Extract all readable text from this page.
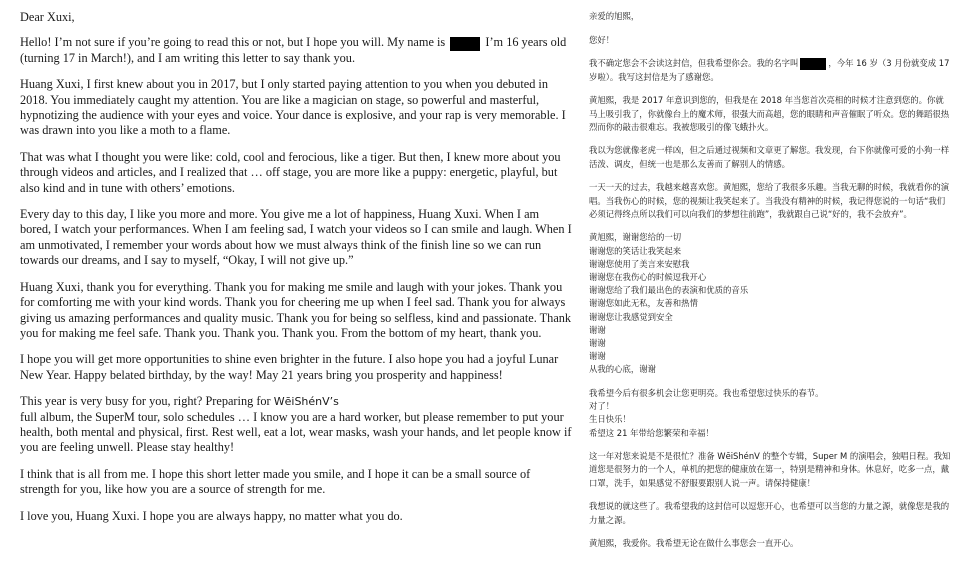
Dear Xuxi,

Hello! I’m not sure if you’re going to read this or not, but I hope you will. My name is	I’m 16 years old (turning 17 in March!), and I am writing this letter to say thank you.

Huang Xuxi, I first knew about you in 2017, but I only started paying attention to you when you debuted in 2018. You immediately caught my attention. You are like a magician on stage, so powerful and masterful, hypnotizing the audience with your eyes and voice. Your dance is explosive, and your rap is very memorable. I was drawn into you like a moth to a flame.

That was what I thought you were like: cold, cool and ferocious, like a tiger. But then, I knew more about you through videos and articles, and I realized that … off stage, you are more like a puppy: energetic, playful, but also kind and in tune with others’ emotions.

Every day to this day, I like you more and more. You give me a lot of happiness, Huang Xuxi. When I am bored, I watch your performances. When I am feeling sad, I watch your videos so I can smile and laugh. When I am unmotivated, I remember your words about how we must always think of the finish line so we can run towards our dreams, and I say to myself, “Okay, I will not give up.”

Huang Xuxi, thank you for everything. Thank you for making me smile and laugh with your jokes. Thank you for comforting me with your kind words. Thank you for cheering me up when I feel sad. Thank you for always giving us amazing performances and quality music. Thank you for being so selfless, kind and passionate. Thank you for making me feel safe. Thank you. Thank you. Thank you. From the bottom of my heart, thank you.

I hope you will get more opportunities to shine even brighter in the future. I also hope you had a joyful Lunar New Year. Happy belated birthday, by the way! May 21 years bring you prosperity and happiness!

This year is very busy for you, right? Preparing for WēiShénV’s
full album, the SuperM tour, solo schedules … I know you are a hard worker, but please remember to put your health, both mental and physical, first. Rest well, eat a lot, wear masks, wash your hands, and let people know if you are feeling unwell. Please stay healthy!

I think that is all from me. I hope this short letter made you smile, and I hope it can be a small source of strength for you, like how you are a source of strength for me.

I love you, Huang Xuxi. I hope you are always happy, no matter what you do.

亲爱的旭熙，

您好！

我不确定您会不会读这封信，但我希望你会。我的名字叫	，今年 16 岁（3 月份就变成 17 岁啦）。我写这封信是为了感谢您。

黄旭熙，我是 2017 年意识到您的，但我是在 2018 年当您首次亮相的时候才注意到您的。你就马上吸引我了，你就像台上的魔术师，很强大而高超，您的眼睛和声音催眠了听众。您的舞蹈很热烈而你的敲击很难忘。我被您吸引的像飞蛾扑火。

我以为您就像老虎一样凶，但之后通过视频和文章更了解您。我发现，台下你就像可爱的小狗一样活泼、调皮，但统一也是那么友善而了解别人的情感。

一天一天的过去，我越来越喜欢您。黄旭熙，您给了我很多乐趣。当我无聊的时候，我就看你的演唱。当我伤心的时候，您的视频让我笑起来了。当我没有精神的时候，我记得您说的一句话“我们必须记得终点所以我们可以向我们的梦想往前跑”，我就跟自己说“好的，我不会放弃”。

黄旭熙，谢谢您给的一切
谢谢您的笑话让我笑起来
谢谢您使用了美言来安慰我
谢谢您在我伤心的时候逗我开心
谢谢您给了我们最出色的表演和优质的音乐
谢谢您如此无私，友善和热情
谢谢您让我感觉到安全
谢谢
谢谢
谢谢
从我的心底，谢谢
我希望今后有很多机会让您更明亮。我也希望您过快乐的春节。
对了！
生日快乐！
希望这 21 年带给您繁荣和幸福！

这一年对您来说是不是很忙？准备 WēiShénV 的整个专辑，Super M 的演唱会，独唱日程。我知道您是很努力的一个人，单机的把您的健康放在第一，特别是精神和身体。休息好，吃多一点，戴口罩，洗手，如果感觉不舒服要跟别人说一声。请保持健康！

我想说的就这些了。我希望我的这封信可以逗您开心，也希望可以当您的力量之源，就像您是我的力量之源。

黄旭熙，我爱你。我希望无论在做什么事您会一直开心。
